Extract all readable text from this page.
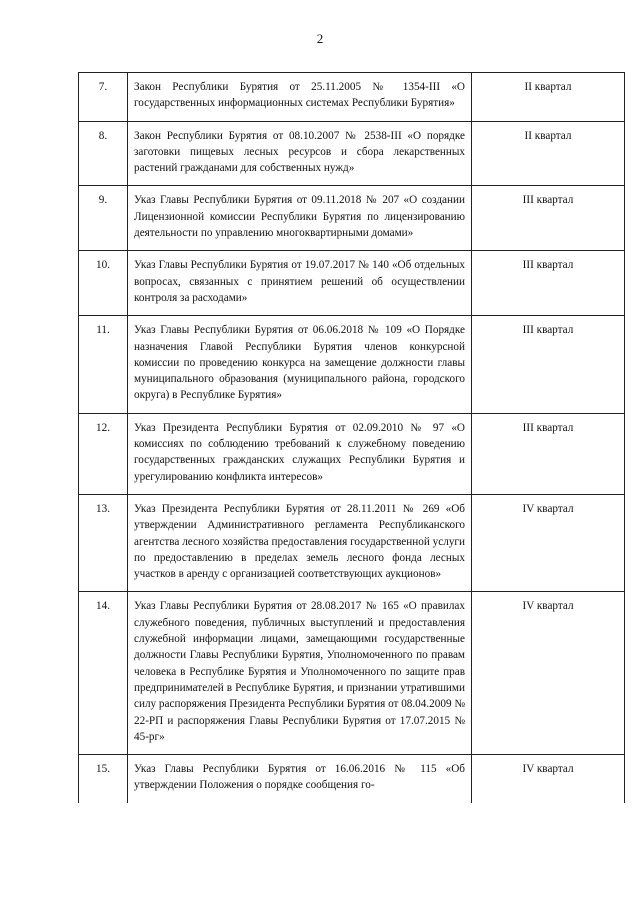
2
7.	Закон Республики Бурятия от 25.11.2005 № 1354-III «О государственных информационных системах Республики Бурятия»	II квартал
8.	Закон Республики Бурятия от 08.10.2007 № 2538-III «О порядке заготовки пищевых лесных ресурсов и сбора лекарственных растений гражданами для собственных нужд»	II квартал
9.	Указ Главы Республики Бурятия от 09.11.2018 № 207 «О создании Лицензионной комиссии Республики Бурятия по лицензированию деятельности по управлению многоквартирными домами»	III квартал
10.	Указ Главы Республики Бурятия от 19.07.2017 № 140 «Об отдельных вопросах, связанных с принятием решений об осуществлении контроля за расходами»	III квартал
11.	Указ Главы Республики Бурятия от 06.06.2018 № 109 «О Порядке назначения Главой Республики Бурятия членов конкурсной комиссии по проведению конкурса на замещение должности главы муниципального образования (муниципального района, городского округа) в Республике Бурятия»	III квартал
12.	Указ Президента Республики Бурятия от 02.09.2010 № 97 «О комиссиях по соблюдению требований к служебному поведению государственных гражданских служащих Республики Бурятия и урегулированию конфликта интересов»	III квартал
13.	Указ Президента Республики Бурятия от 28.11.2011 № 269 «Об утверждении Административного регламента Республиканского агентства лесного хозяйства предоставления государственной услуги по предоставлению в пределах земель лесного фонда лесных участков в аренду с организацией соответствующих аукционов»	IV квартал
14.	Указ Главы Республики Бурятия от 28.08.2017 № 165 «О правилах служебного поведения, публичных выступлений и предоставления служебной информации лицами, замещающими государственные должности Главы Республики Бурятия, Уполномоченного по правам человека в Республике Бурятия и Уполномоченного по защите прав предпринимателей в Республике Бурятия, и признании утратившими силу распоряжения Президента Республики Бурятия от 08.04.2009 № 22-РП и распоряжения Главы Республики Бурятия от 17.07.2015 № 45-рг»	IV квартал
15.	Указ Главы Республики Бурятия от 16.06.2016 № 115 «Об утверждении Положения о порядке сообщения го-	IV квартал
